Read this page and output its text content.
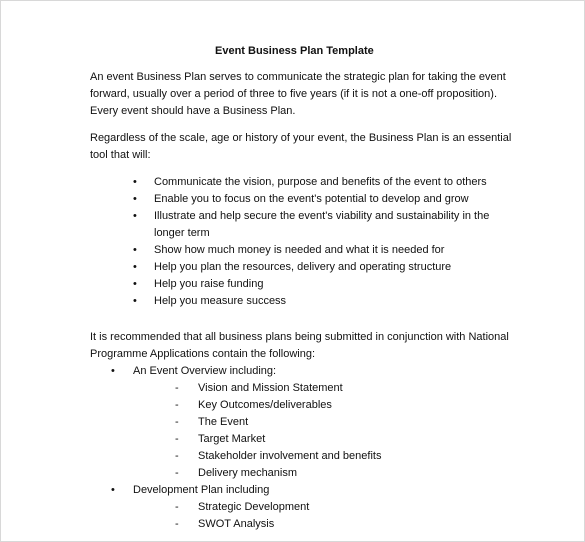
Event Business Plan Template

An event Business Plan serves to communicate the strategic plan for taking the event forward, usually over a period of three to five years (if it is not a one-off proposition). Every event should have a Business Plan.

Regardless of the scale, age or history of your event, the Business Plan is an essential tool that will:

• Communicate the vision, purpose and benefits of the event to others
• Enable you to focus on the event's potential to develop and grow
• Illustrate and help secure the event's viability and sustainability in the longer term
• Show how much money is needed and what it is needed for
• Help you plan the resources, delivery and operating structure
• Help you raise funding
• Help you measure success

It is recommended that all business plans being submitted in conjunction with National Programme Applications contain the following:

• An Event Overview including:
- Vision and Mission Statement
- Key Outcomes/deliverables
- The Event
- Target Market
- Stakeholder involvement and benefits
- Delivery mechanism
• Development Plan including
- Strategic Development
- SWOT Analysis
